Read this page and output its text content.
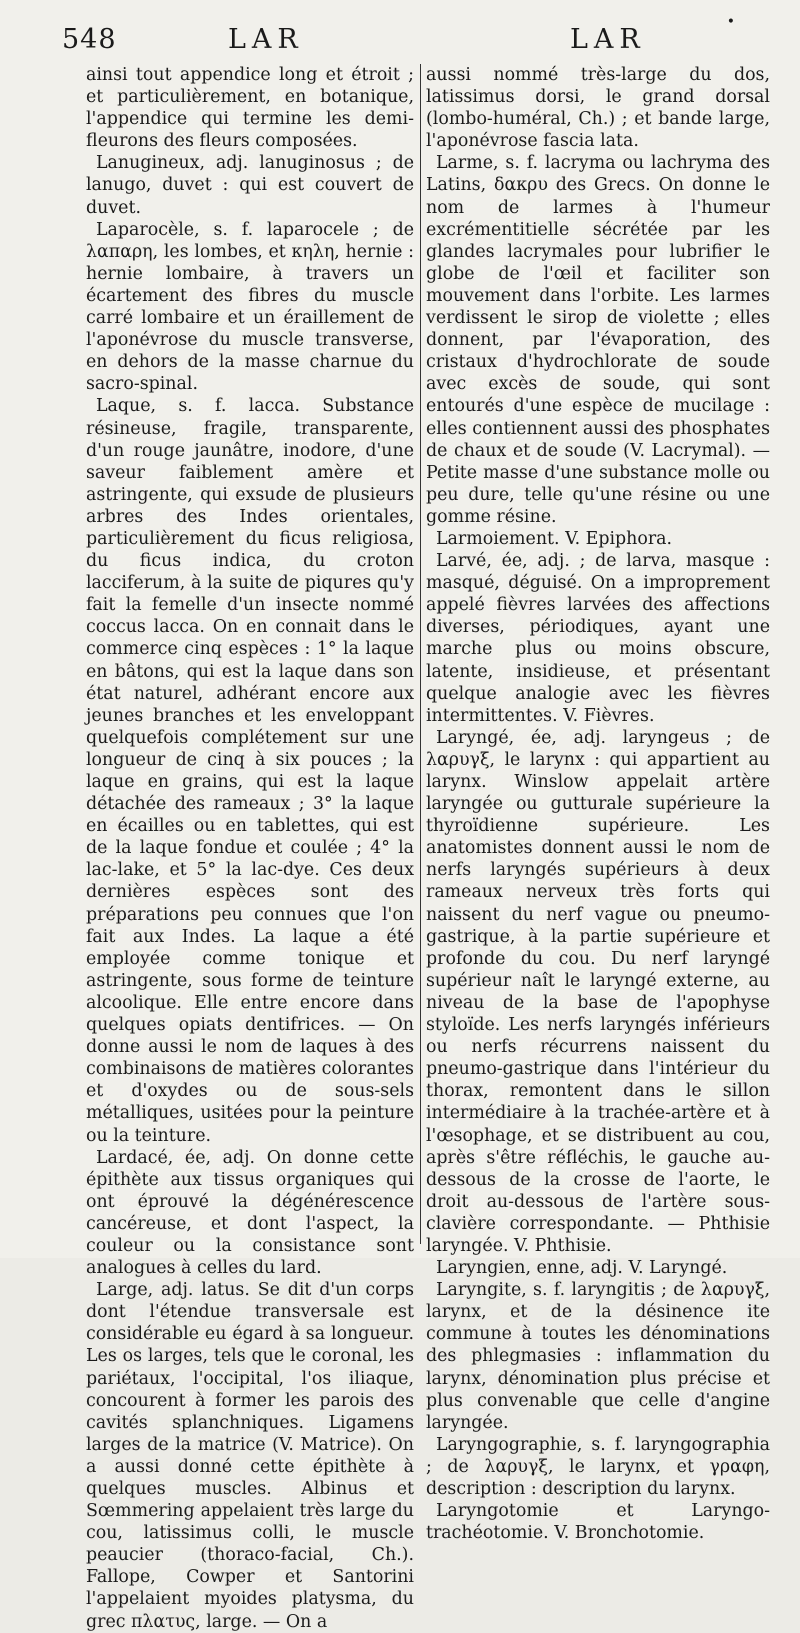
548	LAR	LAR
•

ainsi tout appendice long et étroit ; et particulièrement, en botanique, l'appendice qui termine les demi-fleurons des fleurs composées.

Lanugineux, adj. lanuginosus ; de lanugo, duvet : qui est couvert de duvet.

Laparocèle, s. f. laparocele ; de λαπαρη, les lombes, et κηλη, hernie : hernie lombaire, à travers un écartement des fibres du muscle carré lombaire et un éraillement de l'aponévrose du muscle transverse, en dehors de la masse charnue du sacro-spinal.

Laque, s. f. lacca. Substance résineuse, fragile, transparente, d'un rouge jaunâtre, inodore, d'une saveur faiblement amère et astringente, qui exsude de plusieurs arbres des Indes orientales, particulièrement du ficus religiosa, du ficus indica, du croton lacciferum, à la suite de piqures qu'y fait la femelle d'un insecte nommé coccus lacca. On en connait dans le commerce cinq espèces : 1° la laque en bâtons, qui est la laque dans son état naturel, adhérant encore aux jeunes branches et les enveloppant quelquefois complétement sur une longueur de cinq à six pouces ; la laque en grains, qui est la laque détachée des rameaux ; 3° la laque en écailles ou en tablettes, qui est de la laque fondue et coulée ; 4° la lac-lake, et 5° la lac-dye. Ces deux dernières espèces sont des préparations peu connues que l'on fait aux Indes. La laque a été employée comme tonique et astringente, sous forme de teinture alcoolique. Elle entre encore dans quelques opiats dentifrices. — On donne aussi le nom de laques à des combinaisons de matières colorantes et d'oxydes ou de sous-sels métalliques, usitées pour la peinture ou la teinture.

Lardacé, ée, adj. On donne cette épithète aux tissus organiques qui ont éprouvé la dégénérescence cancéreuse, et dont l'aspect, la couleur ou la consistance sont analogues à celles du lard.

Large, adj. latus. Se dit d'un corps dont l'étendue transversale est considérable eu égard à sa longueur. Les os larges, tels que le coronal, les pariétaux, l'occipital, l'os iliaque, concourent à former les parois des cavités splanchniques. Ligamens larges de la matrice (V. Matrice). On a aussi donné cette épithète à quelques muscles. Albinus et Sœmmering appelaient très large du cou, latissimus colli, le muscle peaucier (thoraco-facial, Ch.). Fallope, Cowper et Santorini l'appelaient myoides platysma, du grec πλατυς, large. — On a

aussi nommé très-large du dos, latissimus dorsi, le grand dorsal (lombo-huméral, Ch.) ; et bande large, l'aponévrose fascia lata.

Larme, s. f. lacryma ou lachryma des Latins, δακρυ des Grecs. On donne le nom de larmes à l'humeur excrémentitielle sécrétée par les glandes lacrymales pour lubrifier le globe de l'œil et faciliter son mouvement dans l'orbite. Les larmes verdissent le sirop de violette ; elles donnent, par l'évaporation, des cristaux d'hydrochlorate de soude avec excès de soude, qui sont entourés d'une espèce de mucilage : elles contiennent aussi des phosphates de chaux et de soude (V. Lacrymal). — Petite masse d'une substance molle ou peu dure, telle qu'une résine ou une gomme résine.

Larmoiement. V. Epiphora.

Larvé, ée, adj. ; de larva, masque : masqué, déguisé. On a improprement appelé fièvres larvées des affections diverses, périodiques, ayant une marche plus ou moins obscure, latente, insidieuse, et présentant quelque analogie avec les fièvres intermittentes. V. Fièvres.

Laryngé, ée, adj. laryngeus ; de λαρυγξ, le larynx : qui appartient au larynx. Winslow appelait artère laryngée ou gutturale supérieure la thyroïdienne supérieure. Les anatomistes donnent aussi le nom de nerfs laryngés supérieurs à deux rameaux nerveux très forts qui naissent du nerf vague ou pneumo-gastrique, à la partie supérieure et profonde du cou. Du nerf laryngé supérieur naît le laryngé externe, au niveau de la base de l'apophyse styloïde. Les nerfs laryngés inférieurs ou nerfs récurrens naissent du pneumo-gastrique dans l'intérieur du thorax, remontent dans le sillon intermédiaire à la trachée-artère et à l'œsophage, et se distribuent au cou, après s'être réfléchis, le gauche au-dessous de la crosse de l'aorte, le droit au-dessous de l'artère sous-clavière correspondante. — Phthisie laryngée. V. Phthisie.

Laryngien, enne, adj. V. Laryngé.

Laryngite, s. f. laryngitis ; de λαρυγξ, larynx, et de la désinence ite commune à toutes les dénominations des phlegmasies : inflammation du larynx, dénomination plus précise et plus convenable que celle d'angine laryngée.

Laryngographie, s. f. laryngographia ; de λαρυγξ, le larynx, et γραφη, description : description du larynx.

Laryngotomie et Laryngo-trachéotomie. V. Bronchotomie.
